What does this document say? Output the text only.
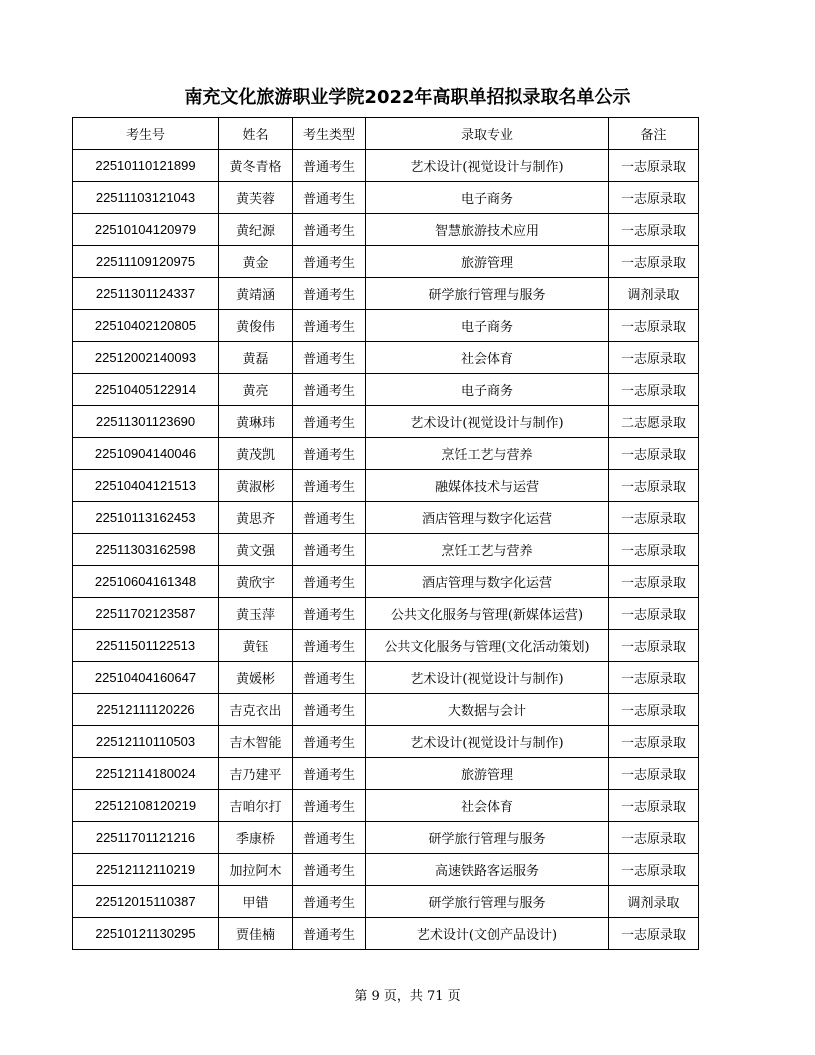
南充文化旅游职业学院2022年高职单招拟录取名单公示
考生号	姓名	考生类型	录取专业	备注
22510110121899	黄冬青格	普通考生	艺术设计(视觉设计与制作)	一志原录取
22511103121043	黄芙蓉	普通考生	电子商务	一志原录取
22510104120979	黄纪源	普通考生	智慧旅游技术应用	一志原录取
22511109120975	黄金	普通考生	旅游管理	一志原录取
22511301124337	黄靖涵	普通考生	研学旅行管理与服务	调剂录取
22510402120805	黄俊伟	普通考生	电子商务	一志原录取
22512002140093	黄磊	普通考生	社会体育	一志原录取
22510405122914	黄亮	普通考生	电子商务	一志原录取
22511301123690	黄琳玮	普通考生	艺术设计(视觉设计与制作)	二志愿录取
22510904140046	黄茂凯	普通考生	烹饪工艺与营养	一志原录取
22510404121513	黄淑彬	普通考生	融媒体技术与运营	一志原录取
22510113162453	黄思齐	普通考生	酒店管理与数字化运营	一志原录取
22511303162598	黄文强	普通考生	烹饪工艺与营养	一志原录取
22510604161348	黄欣宇	普通考生	酒店管理与数字化运营	一志原录取
22511702123587	黄玉萍	普通考生	公共文化服务与管理(新媒体运营)	一志原录取
22511501122513	黄钰	普通考生	公共文化服务与管理(文化活动策划)	一志原录取
22510404160647	黄媛彬	普通考生	艺术设计(视觉设计与制作)	一志原录取
22512111120226	吉克衣出	普通考生	大数据与会计	一志原录取
22512110110503	吉木智能	普通考生	艺术设计(视觉设计与制作)	一志原录取
22512114180024	吉乃建平	普通考生	旅游管理	一志原录取
22512108120219	吉咱尔打	普通考生	社会体育	一志原录取
22511701121216	季康桥	普通考生	研学旅行管理与服务	一志原录取
22512112110219	加拉阿木	普通考生	高速铁路客运服务	一志原录取
22512015110387	甲错	普通考生	研学旅行管理与服务	调剂录取
22510121130295	贾佳楠	普通考生	艺术设计(文创产品设计)	一志原录取
第 9 页，共 71 页
